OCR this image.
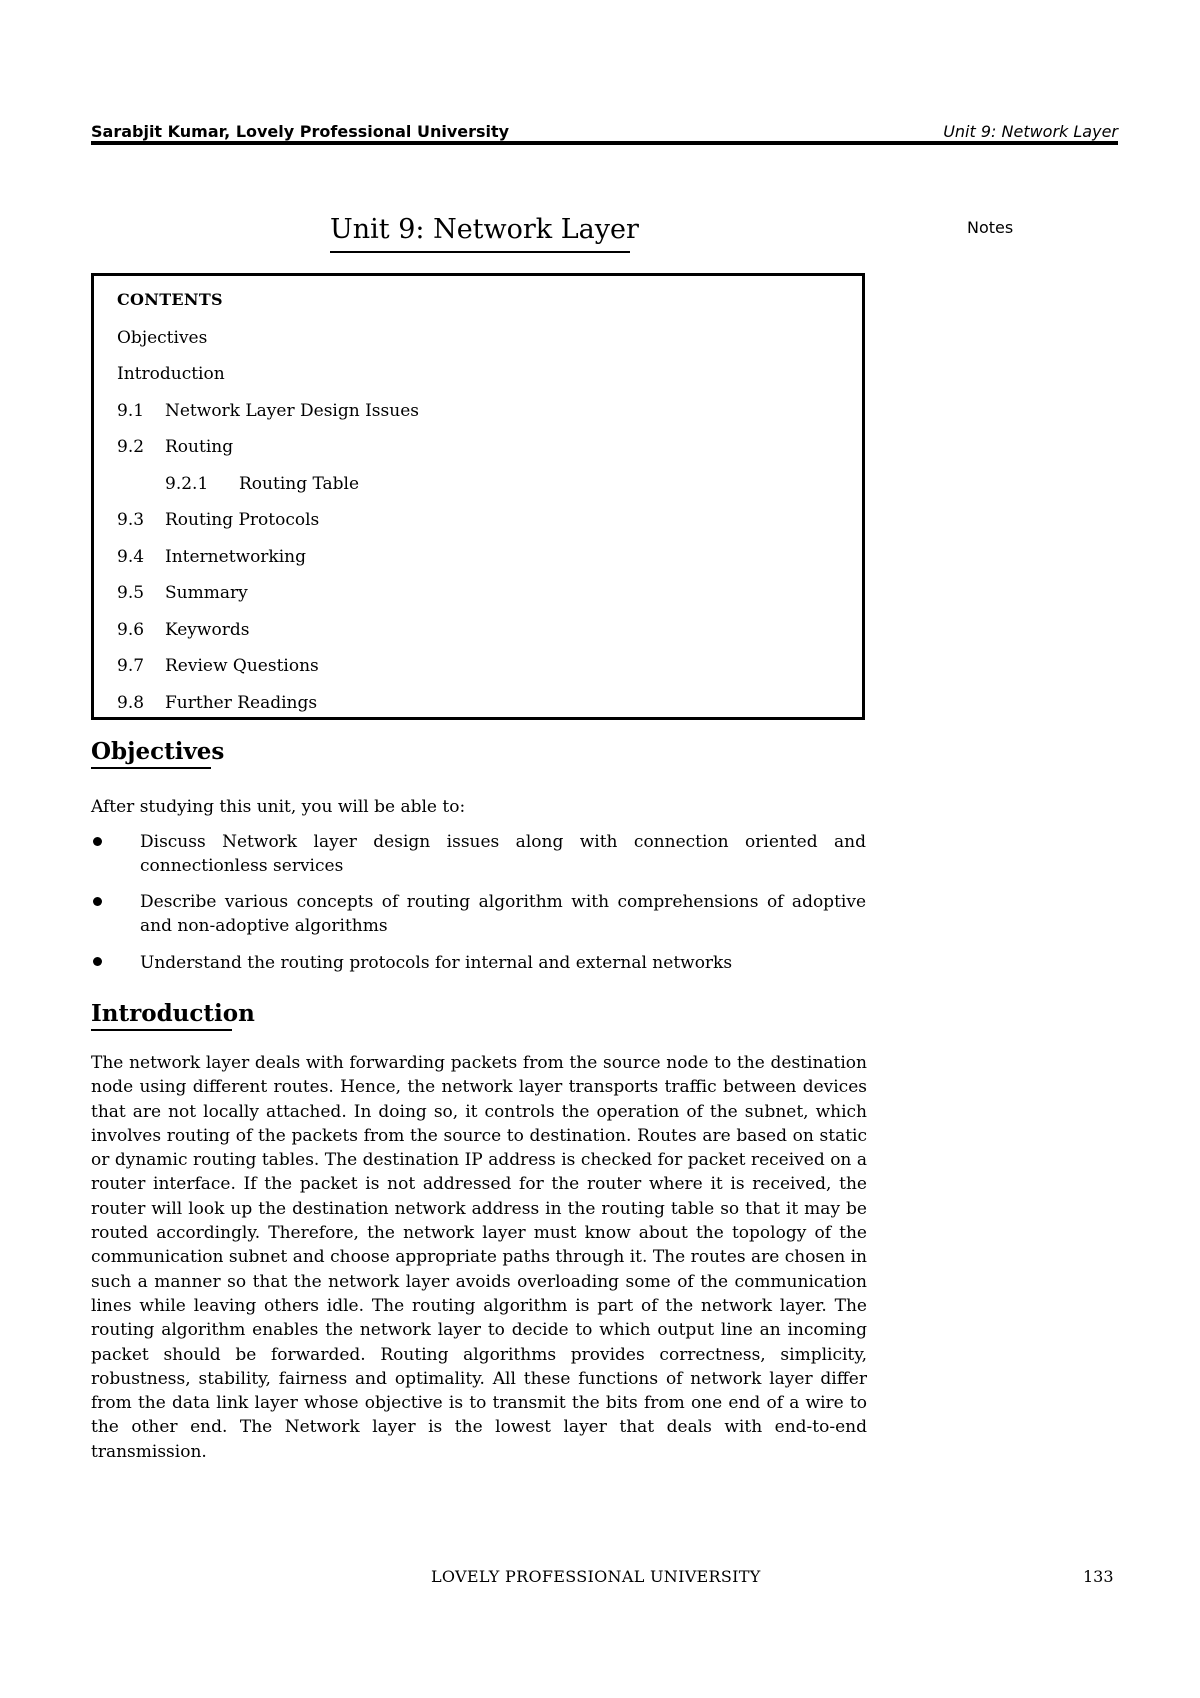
Sarabjit Kumar, Lovely Professional University	Unit 9: Network Layer
Unit 9: Network Layer	Notes
CONTENTS
Objectives
Introduction
9.1 Network Layer Design Issues
9.2 Routing
9.2.1 Routing Table
9.3 Routing Protocols
9.4 Internetworking
9.5 Summary
9.6 Keywords
9.7 Review Questions
9.8 Further Readings
Objectives
After studying this unit, you will be able to:
Discuss Network layer design issues along with connection oriented and connectionless services
Describe various concepts of routing algorithm with comprehensions of adoptive and non-adoptive algorithms
Understand the routing protocols for internal and external networks
Introduction
The network layer deals with forwarding packets from the source node to the destination node using different routes. Hence, the network layer transports traffic between devices that are not locally attached. In doing so, it controls the operation of the subnet, which involves routing of the packets from the source to destination. Routes are based on static or dynamic routing tables. The destination IP address is checked for packet received on a router interface. If the packet is not addressed for the router where it is received, the router will look up the destination network address in the routing table so that it may be routed accordingly. Therefore, the network layer must know about the topology of the communication subnet and choose appropriate paths through it. The routes are chosen in such a manner so that the network layer avoids overloading some of the communication lines while leaving others idle. The routing algorithm is part of the network layer. The routing algorithm enables the network layer to decide to which output line an incoming packet should be forwarded. Routing algorithms provides correctness, simplicity, robustness, stability, fairness and optimality. All these functions of network layer differ from the data link layer whose objective is to transmit the bits from one end of a wire to the other end. The Network layer is the lowest layer that deals with end-to-end transmission.
LOVELY PROFESSIONAL UNIVERSITY	133
